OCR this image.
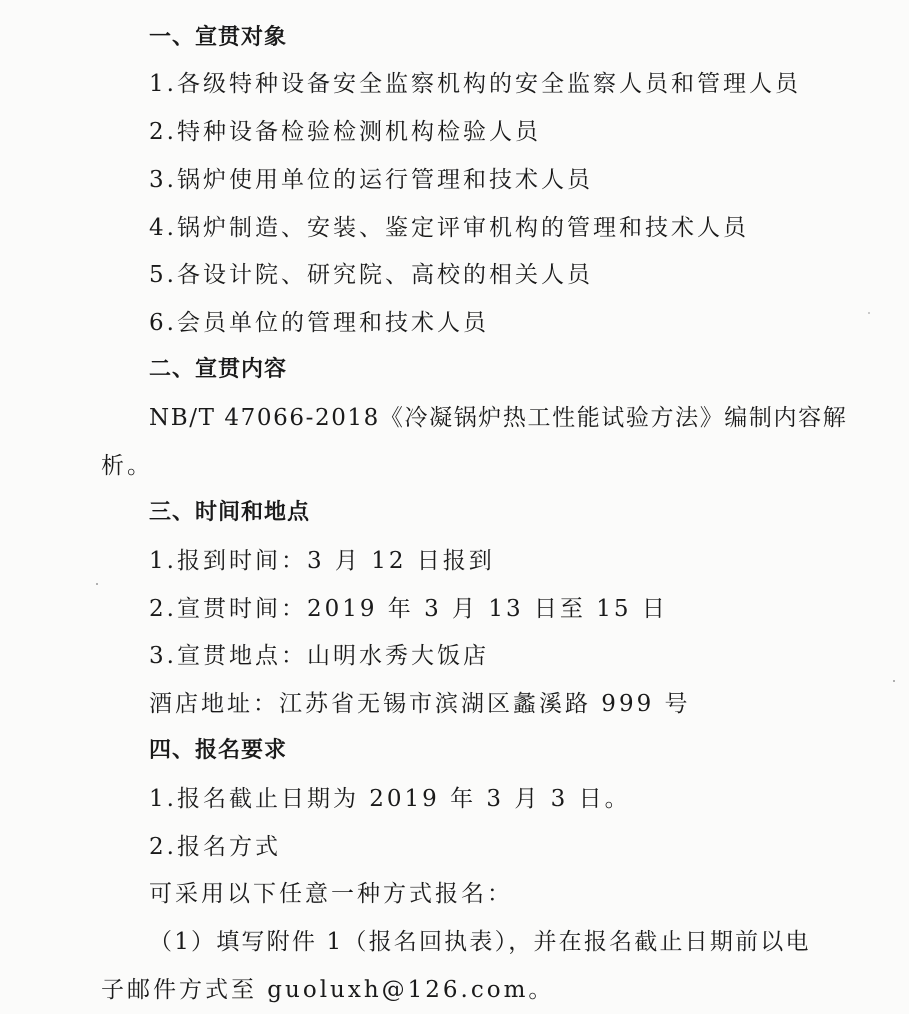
一、宣贯对象
1.各级特种设备安全监察机构的安全监察人员和管理人员
2.特种设备检验检测机构检验人员
3.锅炉使用单位的运行管理和技术人员
4.锅炉制造、安装、鉴定评审机构的管理和技术人员
5.各设计院、研究院、高校的相关人员
6.会员单位的管理和技术人员
二、宣贯内容
NB/T 47066-2018《冷凝锅炉热工性能试验方法》编制内容解
析。
三、时间和地点
1.报到时间：3 月 12 日报到
2.宣贯时间：2019 年 3 月 13 日至 15 日
3.宣贯地点：山明水秀大饭店
酒店地址：江苏省无锡市滨湖区蠡溪路 999 号
四、报名要求
1.报名截止日期为 2019 年 3 月 3 日。
2.报名方式
可采用以下任意一种方式报名：
（1）填写附件 1（报名回执表），并在报名截止日期前以电
子邮件方式至 guoluxh@126.com。
